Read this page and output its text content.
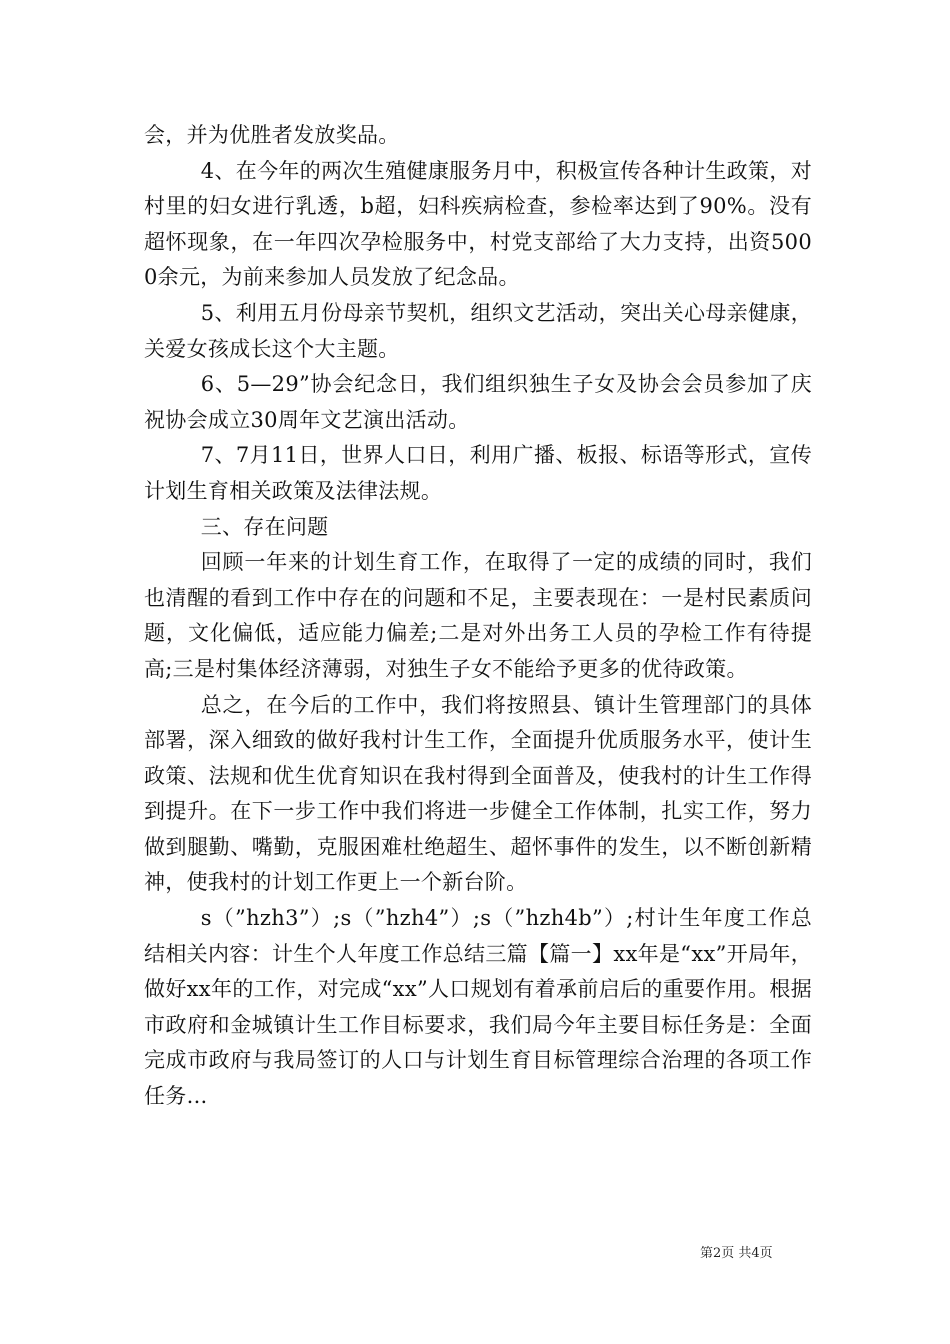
会，并为优胜者发放奖品。

4、在今年的两次生殖健康服务月中，积极宣传各种计生政策，对村里的妇女进行乳透，b超，妇科疾病检查，参检率达到了90%。没有超怀现象，在一年四次孕检服务中，村党支部给了大力支持，出资5000余元，为前来参加人员发放了纪念品。

5、利用五月份母亲节契机，组织文艺活动，突出关心母亲健康，关爱女孩成长这个大主题。

6、5—29”协会纪念日，我们组织独生子女及协会会员参加了庆祝协会成立30周年文艺演出活动。

7、7月11日，世界人口日，利用广播、板报、标语等形式，宣传计划生育相关政策及法律法规。

三、存在问题

回顾一年来的计划生育工作，在取得了一定的成绩的同时，我们也清醒的看到工作中存在的问题和不足，主要表现在：一是村民素质问题，文化偏低，适应能力偏差;二是对外出务工人员的孕检工作有待提高;三是村集体经济薄弱，对独生子女不能给予更多的优待政策。

总之，在今后的工作中，我们将按照县、镇计生管理部门的具体部署，深入细致的做好我村计生工作，全面提升优质服务水平，使计生政策、法规和优生优育知识在我村得到全面普及，使我村的计生工作得到提升。在下一步工作中我们将进一步健全工作体制，扎实工作，努力做到腿勤、嘴勤，克服困难杜绝超生、超怀事件的发生，以不断创新精神，使我村的计划工作更上一个新台阶。

s（”hzh3”）;s（”hzh4”）;s（”hzh4b”）;村计生年度工作总结相关内容：计生个人年度工作总结三篇【篇一】xx年是“xx”开局年，做好xx年的工作，对完成“xx”人口规划有着承前启后的重要作用。根据市政府和金城镇计生工作目标要求，我们局今年主要目标任务是：全面完成市政府与我局签订的人口与计划生育目标管理综合治理的各项工作任务...

第2页 共4页
